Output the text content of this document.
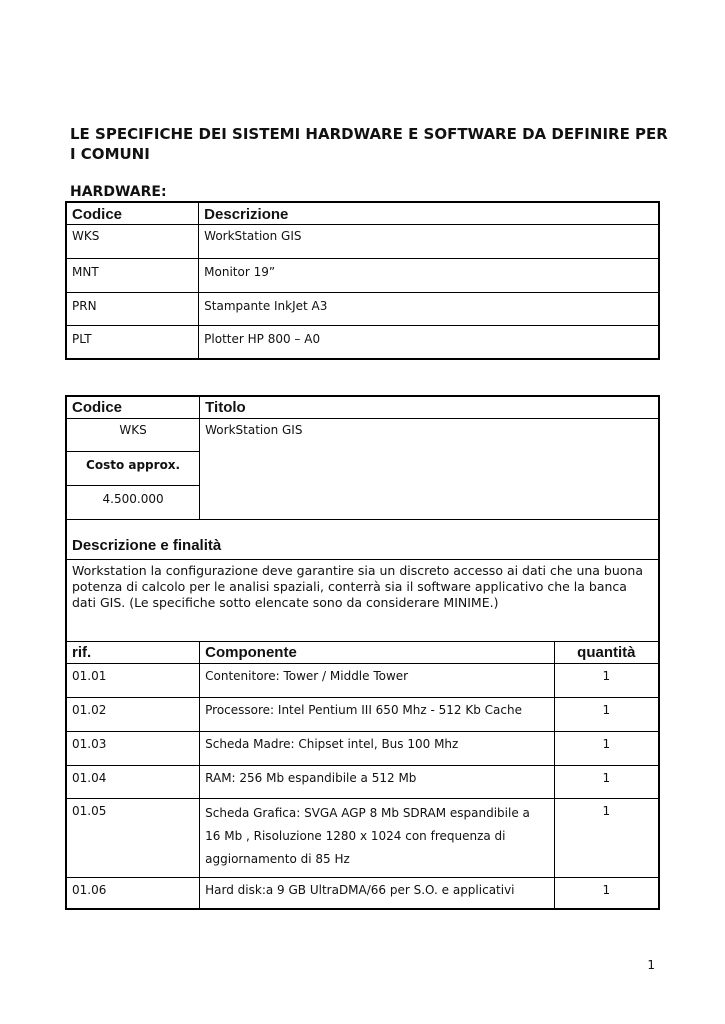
LE SPECIFICHE DEI SISTEMI HARDWARE E SOFTWARE DA DEFINIRE PER I COMUNI
HARDWARE:
Codice	Descrizione
WKS	WorkStation GIS
MNT	Monitor 19”
PRN	Stampante InkJet A3
PLT	Plotter HP 800 – A0
Codice	Titolo	
WKS	WorkStation GIS	
Costo approx.		
4.500.000		
Descrizione e finalità		
Workstation la configurazione deve garantire sia un discreto accesso ai dati che una buona potenza di calcolo per le analisi spaziali, conterrà sia il software applicativo che la banca dati GIS. (Le specifiche sotto elencate sono da considerare MINIME.)		
rif.	Componente	quantità
01.01	Contenitore: Tower / Middle Tower	1
01.02	Processore: Intel Pentium III 650 Mhz - 512 Kb Cache	1
01.03	Scheda Madre: Chipset intel, Bus 100 Mhz	1
01.04	RAM: 256 Mb espandibile a 512 Mb	1
01.05	Scheda Grafica: SVGA AGP 8 Mb SDRAM espandibile a 16 Mb , Risoluzione 1280 x 1024 con frequenza di aggiornamento di 85 Hz	1
01.06	Hard disk:a 9 GB UltraDMA/66 per S.O. e applicativi	1
1
